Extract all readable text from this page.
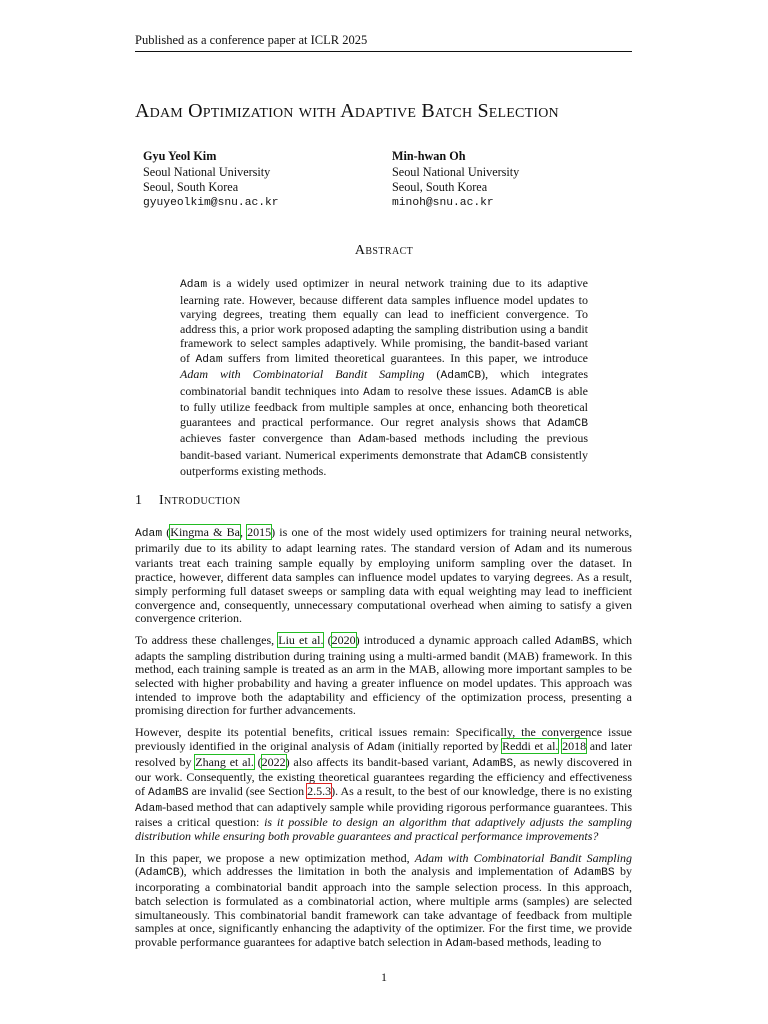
Published as a conference paper at ICLR 2025
Adam Optimization with Adaptive Batch Selection
Gyu Yeol Kim
Seoul National University
Seoul, South Korea
gyuyeolkim@snu.ac.kr
Min-hwan Oh
Seoul National University
Seoul, South Korea
minoh@snu.ac.kr
Abstract

Adam is a widely used optimizer in neural network training due to its adaptive learning rate. However, because different data samples influence model updates to varying degrees, treating them equally can lead to inefficient convergence. To address this, a prior work proposed adapting the sampling distribution using a bandit framework to select samples adaptively. While promising, the bandit-based variant of Adam suffers from limited theoretical guarantees. In this paper, we introduce Adam with Combinatorial Bandit Sampling (AdamCB), which integrates combinatorial bandit techniques into Adam to resolve these issues. AdamCB is able to fully utilize feedback from multiple samples at once, enhancing both theoretical guarantees and practical performance. Our regret analysis shows that AdamCB achieves faster convergence than Adam-based methods including the previous bandit-based variant. Numerical experiments demonstrate that AdamCB consistently outperforms existing methods.

1 Introduction

Adam (Kingma & Ba, 2015) is one of the most widely used optimizers for training neural networks, primarily due to its ability to adapt learning rates. The standard version of Adam and its numerous variants treat each training sample equally by employing uniform sampling over the dataset. In practice, however, different data samples can influence model updates to varying degrees. As a result, simply performing full dataset sweeps or sampling data with equal weighting may lead to inefficient convergence and, consequently, unnecessary computational overhead when aiming to satisfy a given convergence criterion.

To address these challenges, Liu et al. (2020) introduced a dynamic approach called AdamBS, which adapts the sampling distribution during training using a multi-armed bandit (MAB) framework. In this method, each training sample is treated as an arm in the MAB, allowing more important samples to be selected with higher probability and having a greater influence on model updates. This approach was intended to improve both the adaptability and efficiency of the optimization process, presenting a promising direction for further advancements.

However, despite its potential benefits, critical issues remain: Specifically, the convergence issue previously identified in the original analysis of Adam (initially reported by Reddi et al. 2018 and later resolved by Zhang et al. (2022) also affects its bandit-based variant, AdamBS, as newly discovered in our work. Consequently, the existing theoretical guarantees regarding the efficiency and effectiveness of AdamBS are invalid (see Section 2.5.3). As a result, to the best of our knowledge, there is no existing Adam-based method that can adaptively sample while providing rigorous performance guarantees. This raises a critical question: is it possible to design an algorithm that adaptively adjusts the sampling distribution while ensuring both provable guarantees and practical performance improvements?

In this paper, we propose a new optimization method, Adam with Combinatorial Bandit Sampling (AdamCB), which addresses the limitation in both the analysis and implementation of AdamBS by incorporating a combinatorial bandit approach into the sample selection process. In this approach, batch selection is formulated as a combinatorial action, where multiple arms (samples) are selected simultaneously. This combinatorial bandit framework can take advantage of feedback from multiple samples at once, significantly enhancing the adaptivity of the optimizer. For the first time, we provide provable performance guarantees for adaptive batch selection in Adam-based methods, leading to

1
